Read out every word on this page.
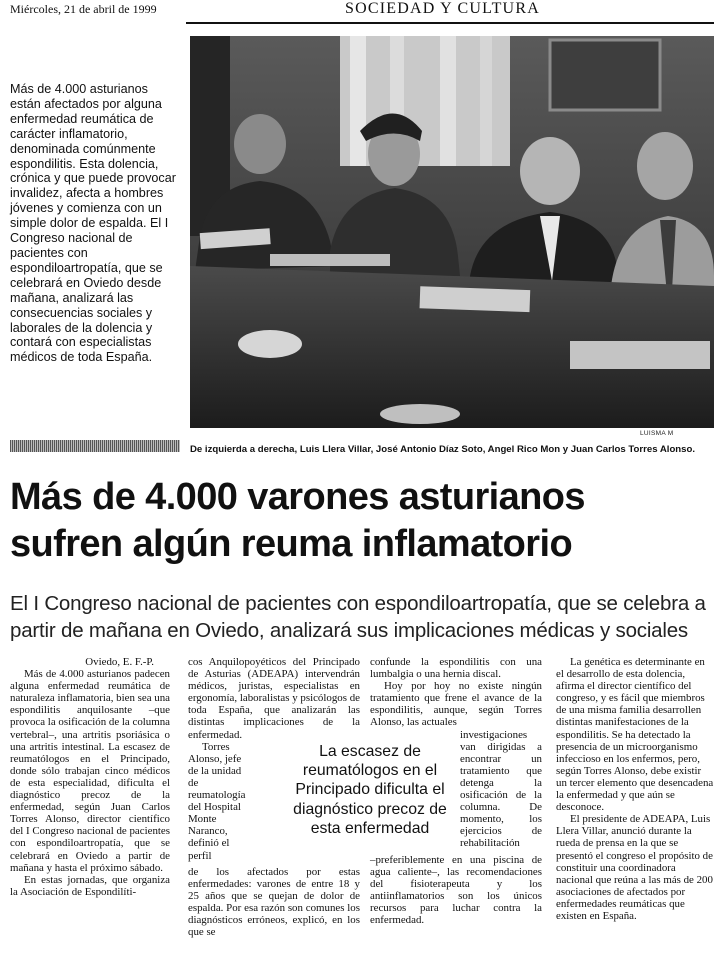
Miércoles, 21 de abril de 1999	SOCIEDAD Y CULTURA
Más de 4.000 asturianos están afectados por alguna enfermedad reumática de carácter inflamatorio, denominada comúnmente espondilitis. Esta dolencia, crónica y que puede provocar invalidez, afecta a hombres jóvenes y comienza con un simple dolor de espalda. El I Congreso nacional de pacientes con espondiloartropatía, que se celebrará en Oviedo desde mañana, analizará las consecuencias sociales y laborales de la dolencia y contará con especialistas médicos de toda España.
LUISMA M
De izquierda a derecha, Luis Llera Villar, José Antonio Díaz Soto, Angel Rico Mon y Juan Carlos Torres Alonso.
Más de 4.000 varones asturianos
sufren algún reuma inflamatorio
El I Congreso nacional de pacientes con espondiloartropatía, que se celebra a
partir de mañana en Oviedo, analizará sus implicaciones médicas y sociales

Oviedo, E. F.-P.

Más de 4.000 asturianos padecen alguna enfermedad reumática de naturaleza inflamatoria, bien sea una espondilitis anquilosante –que provoca la osificación de la columna vertebral–, una artritis psoriásica o una artritis intestinal. La escasez de reumatólogos en el Principado, donde sólo trabajan cinco médicos de esta especialidad, dificulta el diagnóstico precoz de la enfermedad, según Juan Carlos Torres Alonso, director científico del I Congreso nacional de pacientes con espondiloartropatía, que se celebrará en Oviedo a partir de mañana y hasta el próximo sábado.

En estas jornadas, que organiza la Asociación de Espondilíti-

cos Anquilopoyéticos del Principado de Asturias (ADEAPA) intervendrán médicos, juristas, especialistas en ergonomía, laboralistas y psicólogos de toda España, que analizarán las distintas implicaciones de la enfermedad.

Torres Alonso, jefe de la unidad de reumatología del Hospital Monte Naranco, definió el perfil

de los afectados por estas enfermedades: varones de entre 18 y 25 años que se quejan de dolor de espalda. Por esa razón son comunes los diagnósticos erróneos, explicó, en los que se

confunde la espondilitis con una lumbalgia o una hernia discal.

Hoy por hoy no existe ningún tratamiento que frene el avance de la espondilitis, aunque, según Torres Alonso, las actuales

investigaciones van dirigidas a encontrar un tratamiento que detenga la osificación de la columna. De momento, los ejercicios de rehabilitación

–preferiblemente en una piscina de agua caliente–, las recomendaciones del fisioterapeuta y los antiinflamatorios son los únicos recursos para luchar contra la enfermedad.

La genética es determinante en el desarrollo de esta dolencia, afirma el director científico del congreso, y es fácil que miembros de una misma familia desarrollen distintas manifestaciones de la espondilitis. Se ha detectado la presencia de un microorganismo infeccioso en los enfermos, pero, según Torres Alonso, debe existir un tercer elemento que desencadena la enfermedad y que aún se desconoce.

El presidente de ADEAPA, Luis Llera Villar, anunció durante la rueda de prensa en la que se presentó el congreso el propósito de constituir una coordinadora nacional que reúna a las más de 200 asociaciones de afectados por enfermedades reumáticas que existen en España.

La escasez de reumatólogos en el Principado dificulta el diagnóstico precoz de esta enfermedad
